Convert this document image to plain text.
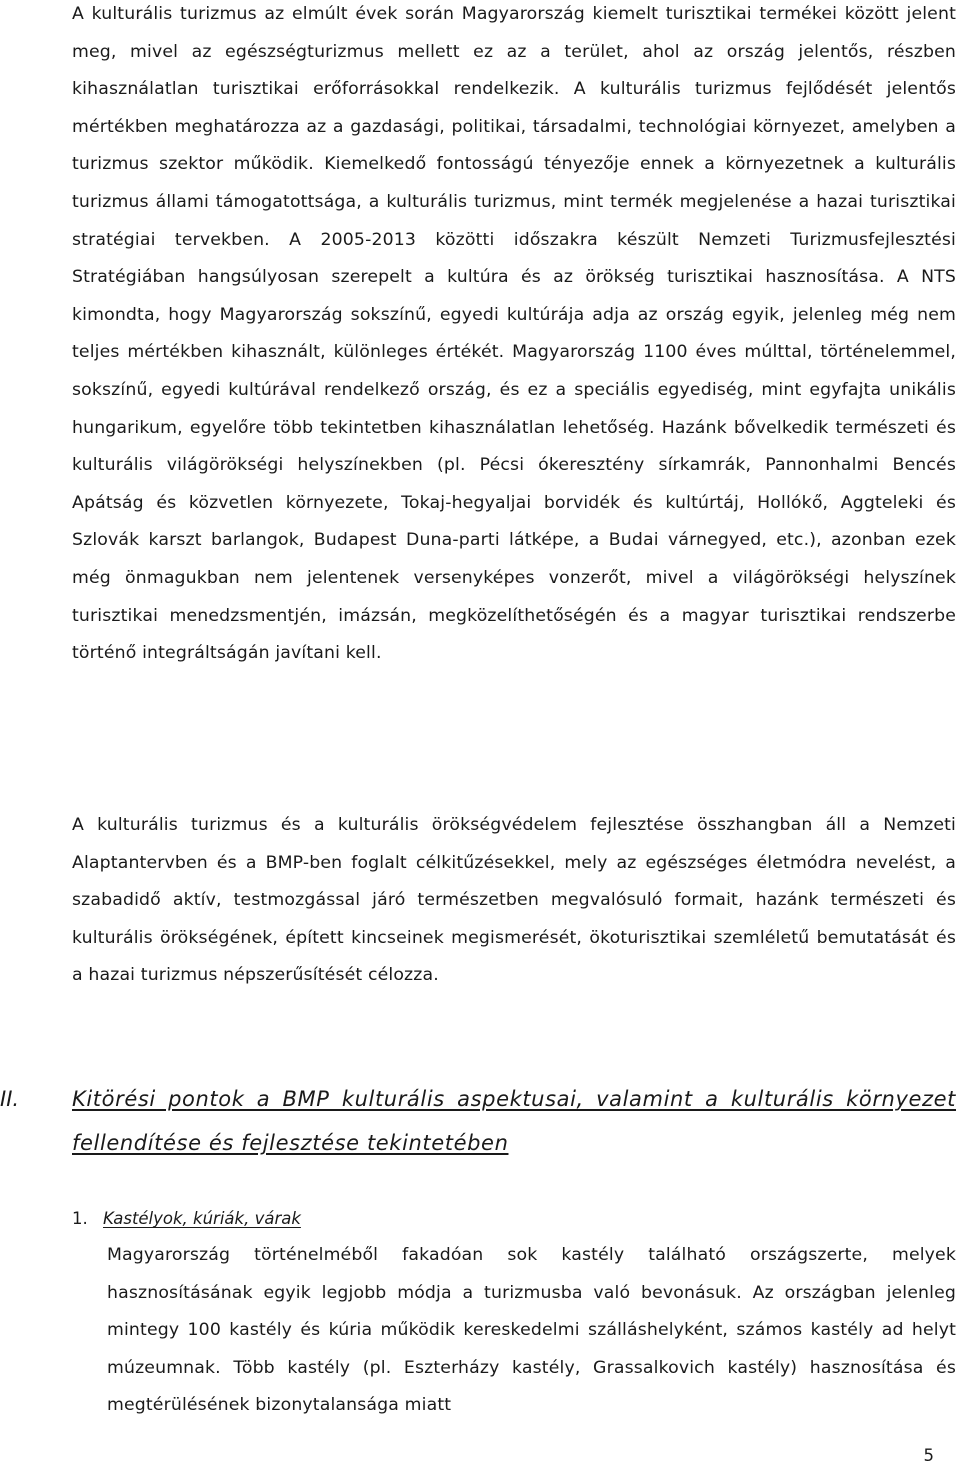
A kulturális turizmus az elmúlt évek során Magyarország kiemelt turisztikai termékei között jelent meg, mivel az egészségturizmus mellett ez az a terület, ahol az ország jelentős, részben kihasználatlan turisztikai erőforrásokkal rendelkezik. A kulturális turizmus fejlődését jelentős mértékben meghatározza az a gazdasági, politikai, társadalmi, technológiai környezet, amelyben a turizmus szektor működik. Kiemelkedő fontosságú tényezője ennek a környezetnek a kulturális turizmus állami támogatottsága, a kulturális turizmus, mint termék megjelenése a hazai turisztikai stratégiai tervekben. A 2005-2013 közötti időszakra készült Nemzeti Turizmusfejlesztési Stratégiában hangsúlyosan szerepelt a kultúra és az örökség turisztikai hasznosítása. A NTS kimondta, hogy Magyarország sokszínű, egyedi kultúrája adja az ország egyik, jelenleg még nem teljes mértékben kihasznált, különleges értékét. Magyarország 1100 éves múlttal, történelemmel, sokszínű, egyedi kultúrával rendelkező ország, és ez a speciális egyediség, mint egyfajta unikális hungarikum, egyelőre több tekintetben kihasználatlan lehetőség. Hazánk bővelkedik természeti és kulturális világörökségi helyszínekben (pl. Pécsi ókeresztény sírkamrák, Pannonhalmi Bencés Apátság és közvetlen környezete, Tokaj-hegyaljai borvidék és kultúrtáj, Hollókő, Aggteleki és Szlovák karszt barlangok, Budapest Duna-parti látképe, a Budai várnegyed, etc.), azonban ezek még önmagukban nem jelentenek versenyképes vonzerőt, mivel a világörökségi helyszínek turisztikai menedzsmentjén, imázsán, megközelíthetőségén és a magyar turisztikai rendszerbe történő integráltságán javítani kell.

A kulturális turizmus és a kulturális örökségvédelem fejlesztése összhangban áll a Nemzeti Alaptantervben és a BMP-ben foglalt célkitűzésekkel, mely az egészséges életmódra nevelést, a szabadidő aktív, testmozgással járó természetben megvalósuló formait, hazánk természeti és kulturális örökségének, épített kincseinek megismerését, ökoturisztikai szemléletű bemutatását és a hazai turizmus népszerűsítését célozza.

II.	Kitörési pontok a BMP kulturális aspektusai, valamint a kulturális környezet fellendítése és fejlesztése tekintetében

1. Kastélyok, kúriák, várak

Magyarország történelméből fakadóan sok kastély található országszerte, melyek hasznosításának egyik legjobb módja a turizmusba való bevonásuk. Az országban jelenleg mintegy 100 kastély és kúria működik kereskedelmi szálláshelyként, számos kastély ad helyt múzeumnak. Több kastély (pl. Eszterházy kastély, Grassalkovich kastély) hasznosítása és megtérülésének bizonytalansága miatt

5
